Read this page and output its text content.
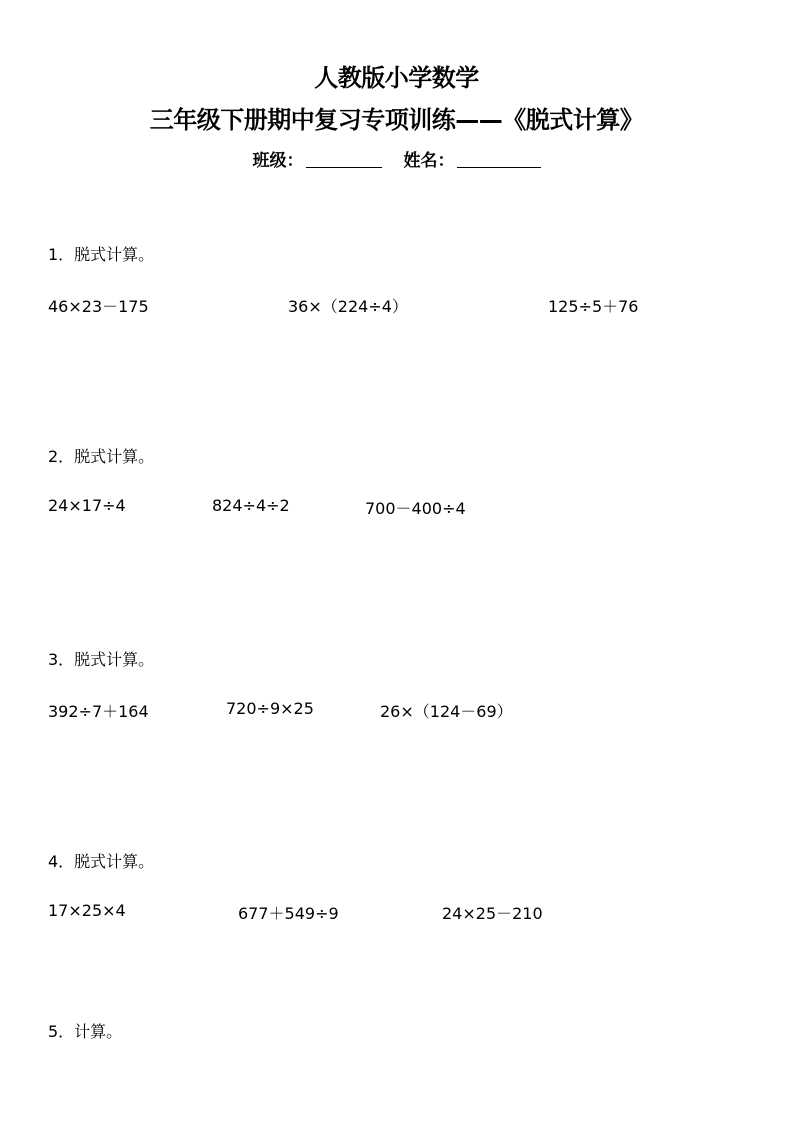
人教版小学数学
三年级下册期中复习专项训练——《脱式计算》
班级：	姓名：
1．脱式计算。
46×23－175	36×（224÷4）	125÷5＋76
2．脱式计算。
24×17÷4	824÷4÷2	700－400÷4
3．脱式计算。
392÷7＋164	720÷9×25	26×（124－69）
4．脱式计算。
17×25×4	677＋549÷9	24×25－210
5．计算。
